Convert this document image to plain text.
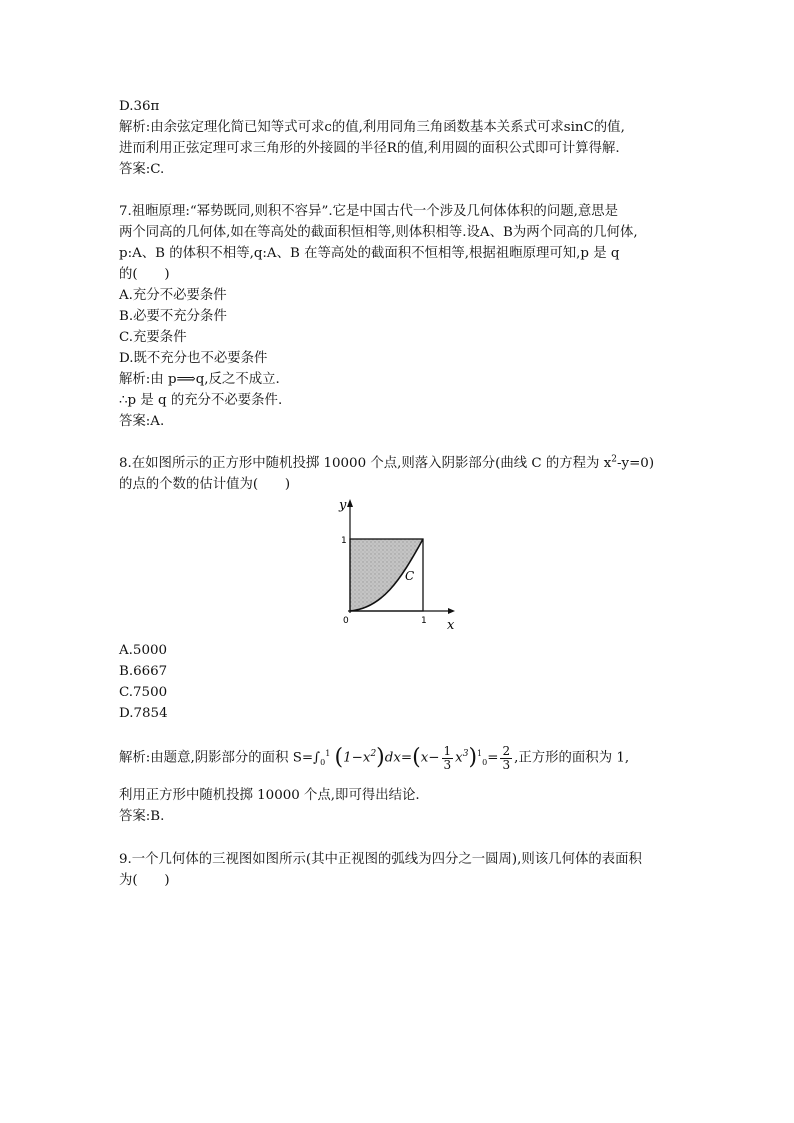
D.36π
解析:由余弦定理化简已知等式可求c的值,利用同角三角函数基本关系式可求sinC的值,
进而利用正弦定理可求三角形的外接圆的半径R的值,利用圆的面积公式即可计算得解.
答案:C.
7.祖暅原理:“幂势既同,则积不容异”.它是中国古代一个涉及几何体体积的问题,意思是
两个同高的几何体,如在等高处的截面积恒相等,则体积相等.设A、B为两个同高的几何体,
p:A、B 的体积不相等,q:A、B 在等高处的截面积不恒相等,根据祖暅原理可知,p 是 q
的(　　)
A.充分不必要条件
B.必要不充分条件
C.充要条件
D.既不充分也不必要条件
解析:由 p⟹q,反之不成立.
∴p 是 q 的充分不必要条件.
答案:A.
8.在如图所示的正方形中随机投掷 10000 个点,则落入阴影部分(曲线 C 的方程为 $x^2-y=0$)
的点的个数的估计值为(　　)
y
x
1
1
0
C
A.5000
B.6667
C.7500
D.7854
解析:由题意,阴影部分的面积 $S=\int_0^1$ $(1-x^2)dx=(x- \frac{1}{3} x^3)^1_0= \frac{2}{3}$ ,正方形的面积为 1,
利用正方形中随机投掷 10000 个点,即可得出结论.
答案:B.
9.一个几何体的三视图如图所示(其中正视图的弧线为四分之一圆周),则该几何体的表面积
为(　　)
